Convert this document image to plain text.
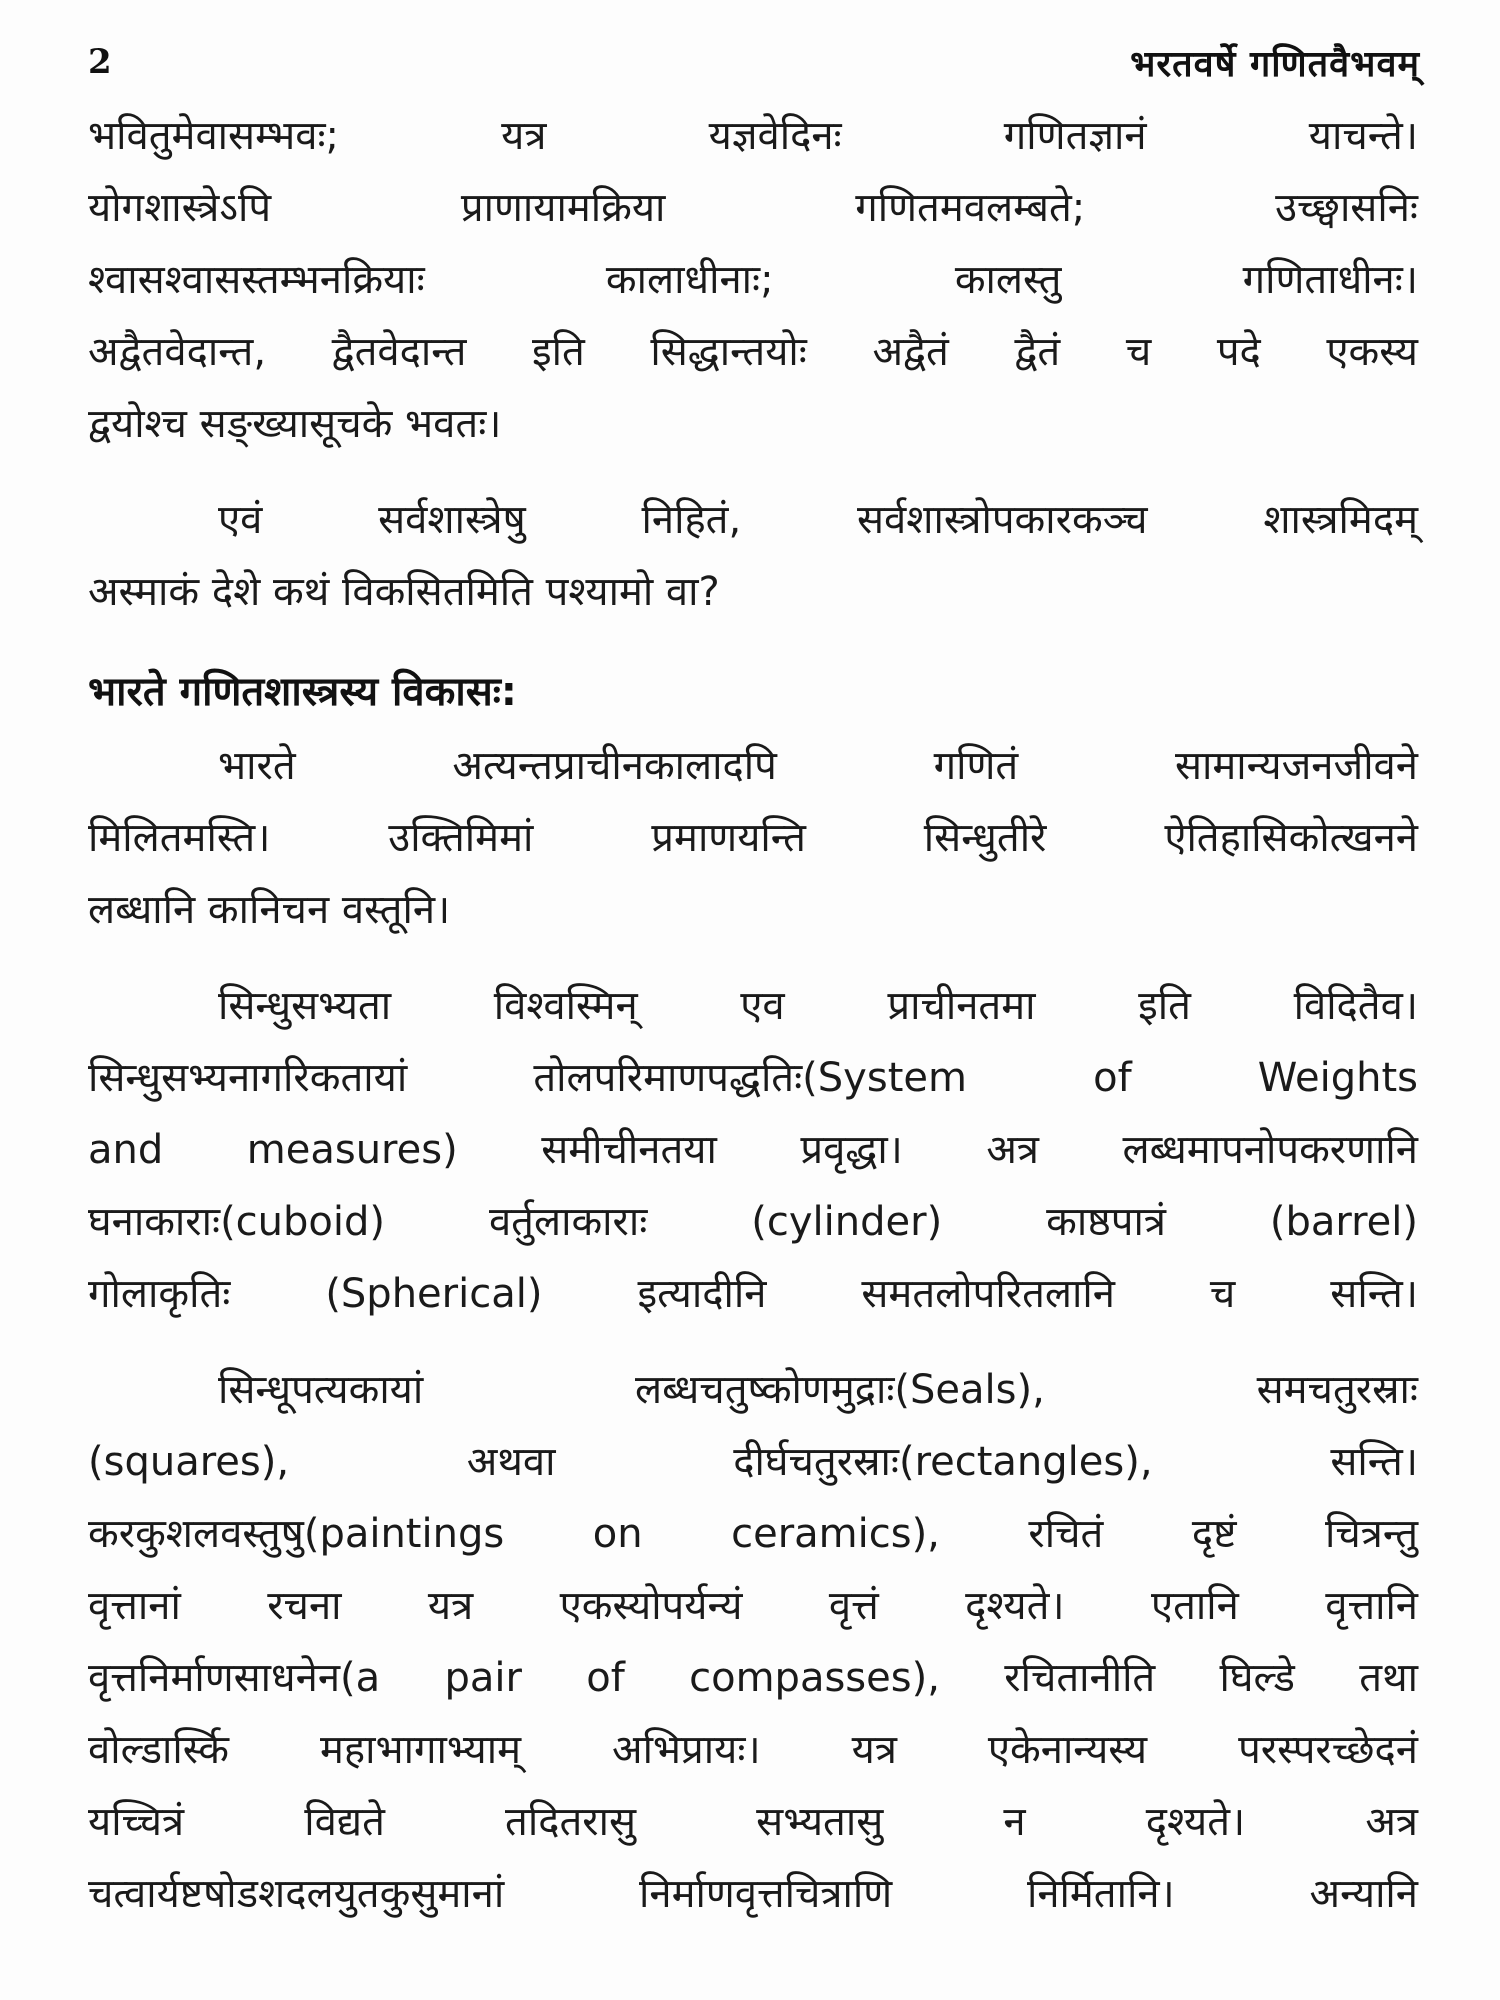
2	भरतवर्षे गणितवैभवम्

भवितुमेवासम्भवः; यत्र यज्ञवेदिनः गणितज्ञानं याचन्ते।
योगशास्त्रेऽपि प्राणायामक्रिया गणितमवलम्बते; उच्छ्वासनिः
श्वासश्वासस्तम्भनक्रियाः कालाधीनाः; कालस्तु गणिताधीनः।
अद्वैतवेदान्त, द्वैतवेदान्त इति सिद्धान्तयोः अद्वैतं द्वैतं च पदे एकस्य
द्वयोश्च सङ्ख्यासूचके भवतः।

एवं सर्वशास्त्रेषु निहितं, सर्वशास्त्रोपकारकञ्च शास्त्रमिदम्
अस्माकं देशे कथं विकसितमिति पश्यामो वा?

भारते गणितशास्त्रस्य विकासः:

भारते अत्यन्तप्राचीनकालादपि गणितं सामान्यजनजीवने
मिलितमस्ति। उक्तिमिमां प्रमाणयन्ति सिन्धुतीरे ऐतिहासिकोत्खनने
लब्धानि कानिचन वस्तूनि।

सिन्धुसभ्यता विश्वस्मिन् एव प्राचीनतमा इति विदितैव।
सिन्धुसभ्यनागरिकतायां तोलपरिमाणपद्धतिः(System of Weights
and measures) समीचीनतया प्रवृद्धा। अत्र लब्धमापनोपकरणानि
घनाकाराः(cuboid) वर्तुलाकाराः (cylinder) काष्ठपात्रं (barrel)
गोलाकृतिः (Spherical) इत्यादीनि समतलोपरितलानि च सन्ति।

सिन्धूपत्यकायां लब्धचतुष्कोणमुद्राः(Seals), समचतुरस्राः
(squares), अथवा दीर्घचतुरस्राः(rectangles), सन्ति।
करकुशलवस्तुषु(paintings on ceramics), रचितं दृष्टं चित्रन्तु
वृत्तानां रचना यत्र एकस्योपर्यन्यं वृत्तं दृश्यते। एतानि वृत्तानि
वृत्तनिर्माणसाधनेन(a pair of compasses), रचितानीति घिल्डे तथा
वोल्डार्स्कि महाभागाभ्याम् अभिप्रायः। यत्र एकेनान्यस्य परस्परच्छेदनं
यच्चित्रं विद्यते तदितरासु सभ्यतासु न दृश्यते। अत्र
चत्वार्यष्टषोडशदलयुतकुसुमानां निर्माणवृत्तचित्राणि निर्मितानि। अन्यानि
